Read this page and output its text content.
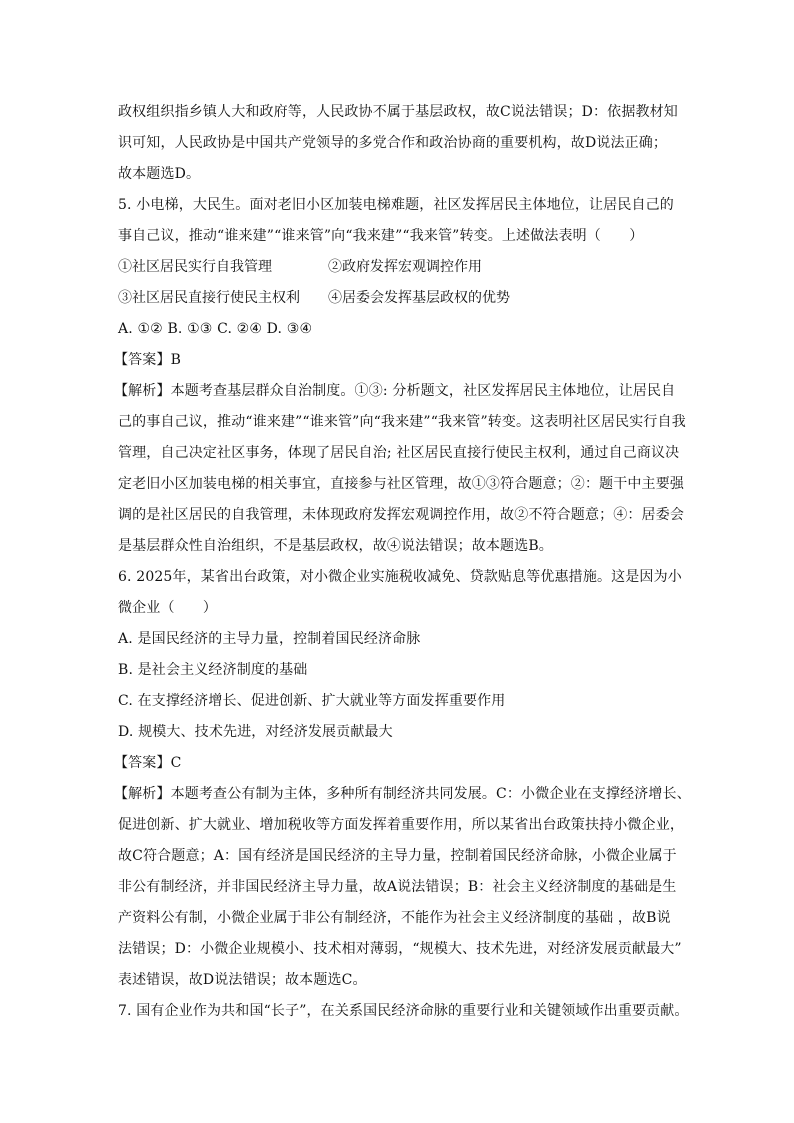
政权组织指乡镇人大和政府等，人民政协不属于基层政权，故C说法错误；D：依据教材知
识可知，人民政协是中国共产党领导的多党合作和政治协商的重要机构，故D说法正确；
故本题选D。
5. 小电梯，大民生。面对老旧小区加装电梯难题，社区发挥居民主体地位，让居民自己的
事自己议，推动“谁来建”“谁来管”向“我来建”“我来管”转变。上述做法表明（　　）
①社区居民实行自我管理	②政府发挥宏观调控作用
③社区居民直接行使民主权利	④居委会发挥基层政权的优势
A. ①② B. ①③ C. ②④ D. ③④
【答案】B
【解析】本题考查基层群众自治制度。①③: 分析题文，社区发挥居民主体地位，让居民自
己的事自己议，推动“谁来建”“谁来管”向“我来建”“我来管”转变。这表明社区居民实行自我
管理，自己决定社区事务，体现了居民自治; 社区居民直接行使民主权利，通过自己商议决
定老旧小区加装电梯的相关事宜，直接参与社区管理，故①③符合题意；②：题干中主要强
调的是社区居民的自我管理，未体现政府发挥宏观调控作用，故②不符合题意；④：居委会
是基层群众性自治组织，不是基层政权，故④说法错误；故本题选B。
6. 2025年，某省出台政策，对小微企业实施税收减免、贷款贴息等优惠措施。这是因为小
微企业（　　）
A. 是国民经济的主导力量，控制着国民经济命脉
B. 是社会主义经济制度的基础
C. 在支撑经济增长、促进创新、扩大就业等方面发挥重要作用
D. 规模大、技术先进，对经济发展贡献最大
【答案】C
【解析】本题考查公有制为主体，多种所有制经济共同发展。C：小微企业在支撑经济增长、
促进创新、扩大就业、增加税收等方面发挥着重要作用，所以某省出台政策扶持小微企业，
故C符合题意；A：国有经济是国民经济的主导力量，控制着国民经济命脉，小微企业属于
非公有制经济，并非国民经济主导力量，故A说法错误；B：社会主义经济制度的基础是生
产资料公有制，小微企业属于非公有制经济，不能作为社会主义经济制度的基础 ，故B说
法错误；D：小微企业规模小、技术相对薄弱，“规模大、技术先进，对经济发展贡献最大”
表述错误，故D说法错误；故本题选C。
7. 国有企业作为共和国“长子”，在关系国民经济命脉的重要行业和关键领域作出重要贡献。
